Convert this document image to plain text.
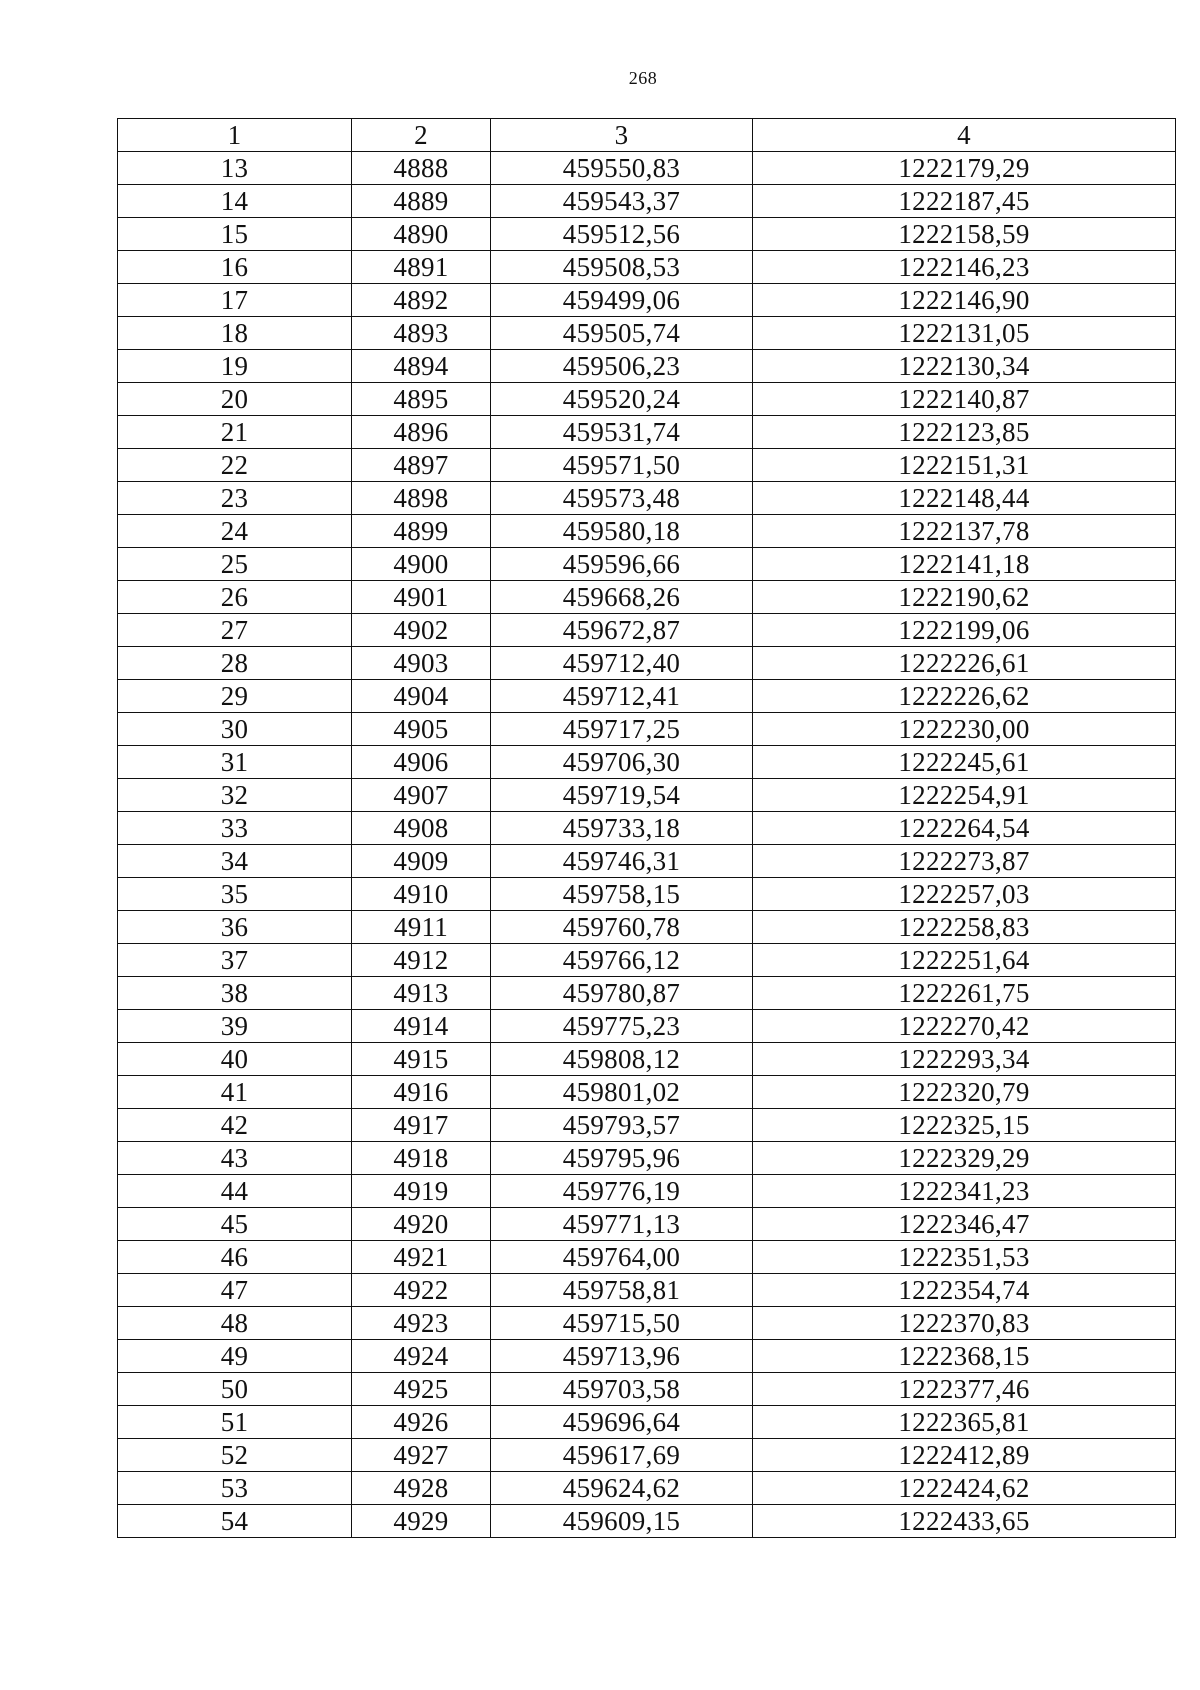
268
1	2	3	4
13	4888	459550,83	1222179,29
14	4889	459543,37	1222187,45
15	4890	459512,56	1222158,59
16	4891	459508,53	1222146,23
17	4892	459499,06	1222146,90
18	4893	459505,74	1222131,05
19	4894	459506,23	1222130,34
20	4895	459520,24	1222140,87
21	4896	459531,74	1222123,85
22	4897	459571,50	1222151,31
23	4898	459573,48	1222148,44
24	4899	459580,18	1222137,78
25	4900	459596,66	1222141,18
26	4901	459668,26	1222190,62
27	4902	459672,87	1222199,06
28	4903	459712,40	1222226,61
29	4904	459712,41	1222226,62
30	4905	459717,25	1222230,00
31	4906	459706,30	1222245,61
32	4907	459719,54	1222254,91
33	4908	459733,18	1222264,54
34	4909	459746,31	1222273,87
35	4910	459758,15	1222257,03
36	4911	459760,78	1222258,83
37	4912	459766,12	1222251,64
38	4913	459780,87	1222261,75
39	4914	459775,23	1222270,42
40	4915	459808,12	1222293,34
41	4916	459801,02	1222320,79
42	4917	459793,57	1222325,15
43	4918	459795,96	1222329,29
44	4919	459776,19	1222341,23
45	4920	459771,13	1222346,47
46	4921	459764,00	1222351,53
47	4922	459758,81	1222354,74
48	4923	459715,50	1222370,83
49	4924	459713,96	1222368,15
50	4925	459703,58	1222377,46
51	4926	459696,64	1222365,81
52	4927	459617,69	1222412,89
53	4928	459624,62	1222424,62
54	4929	459609,15	1222433,65
